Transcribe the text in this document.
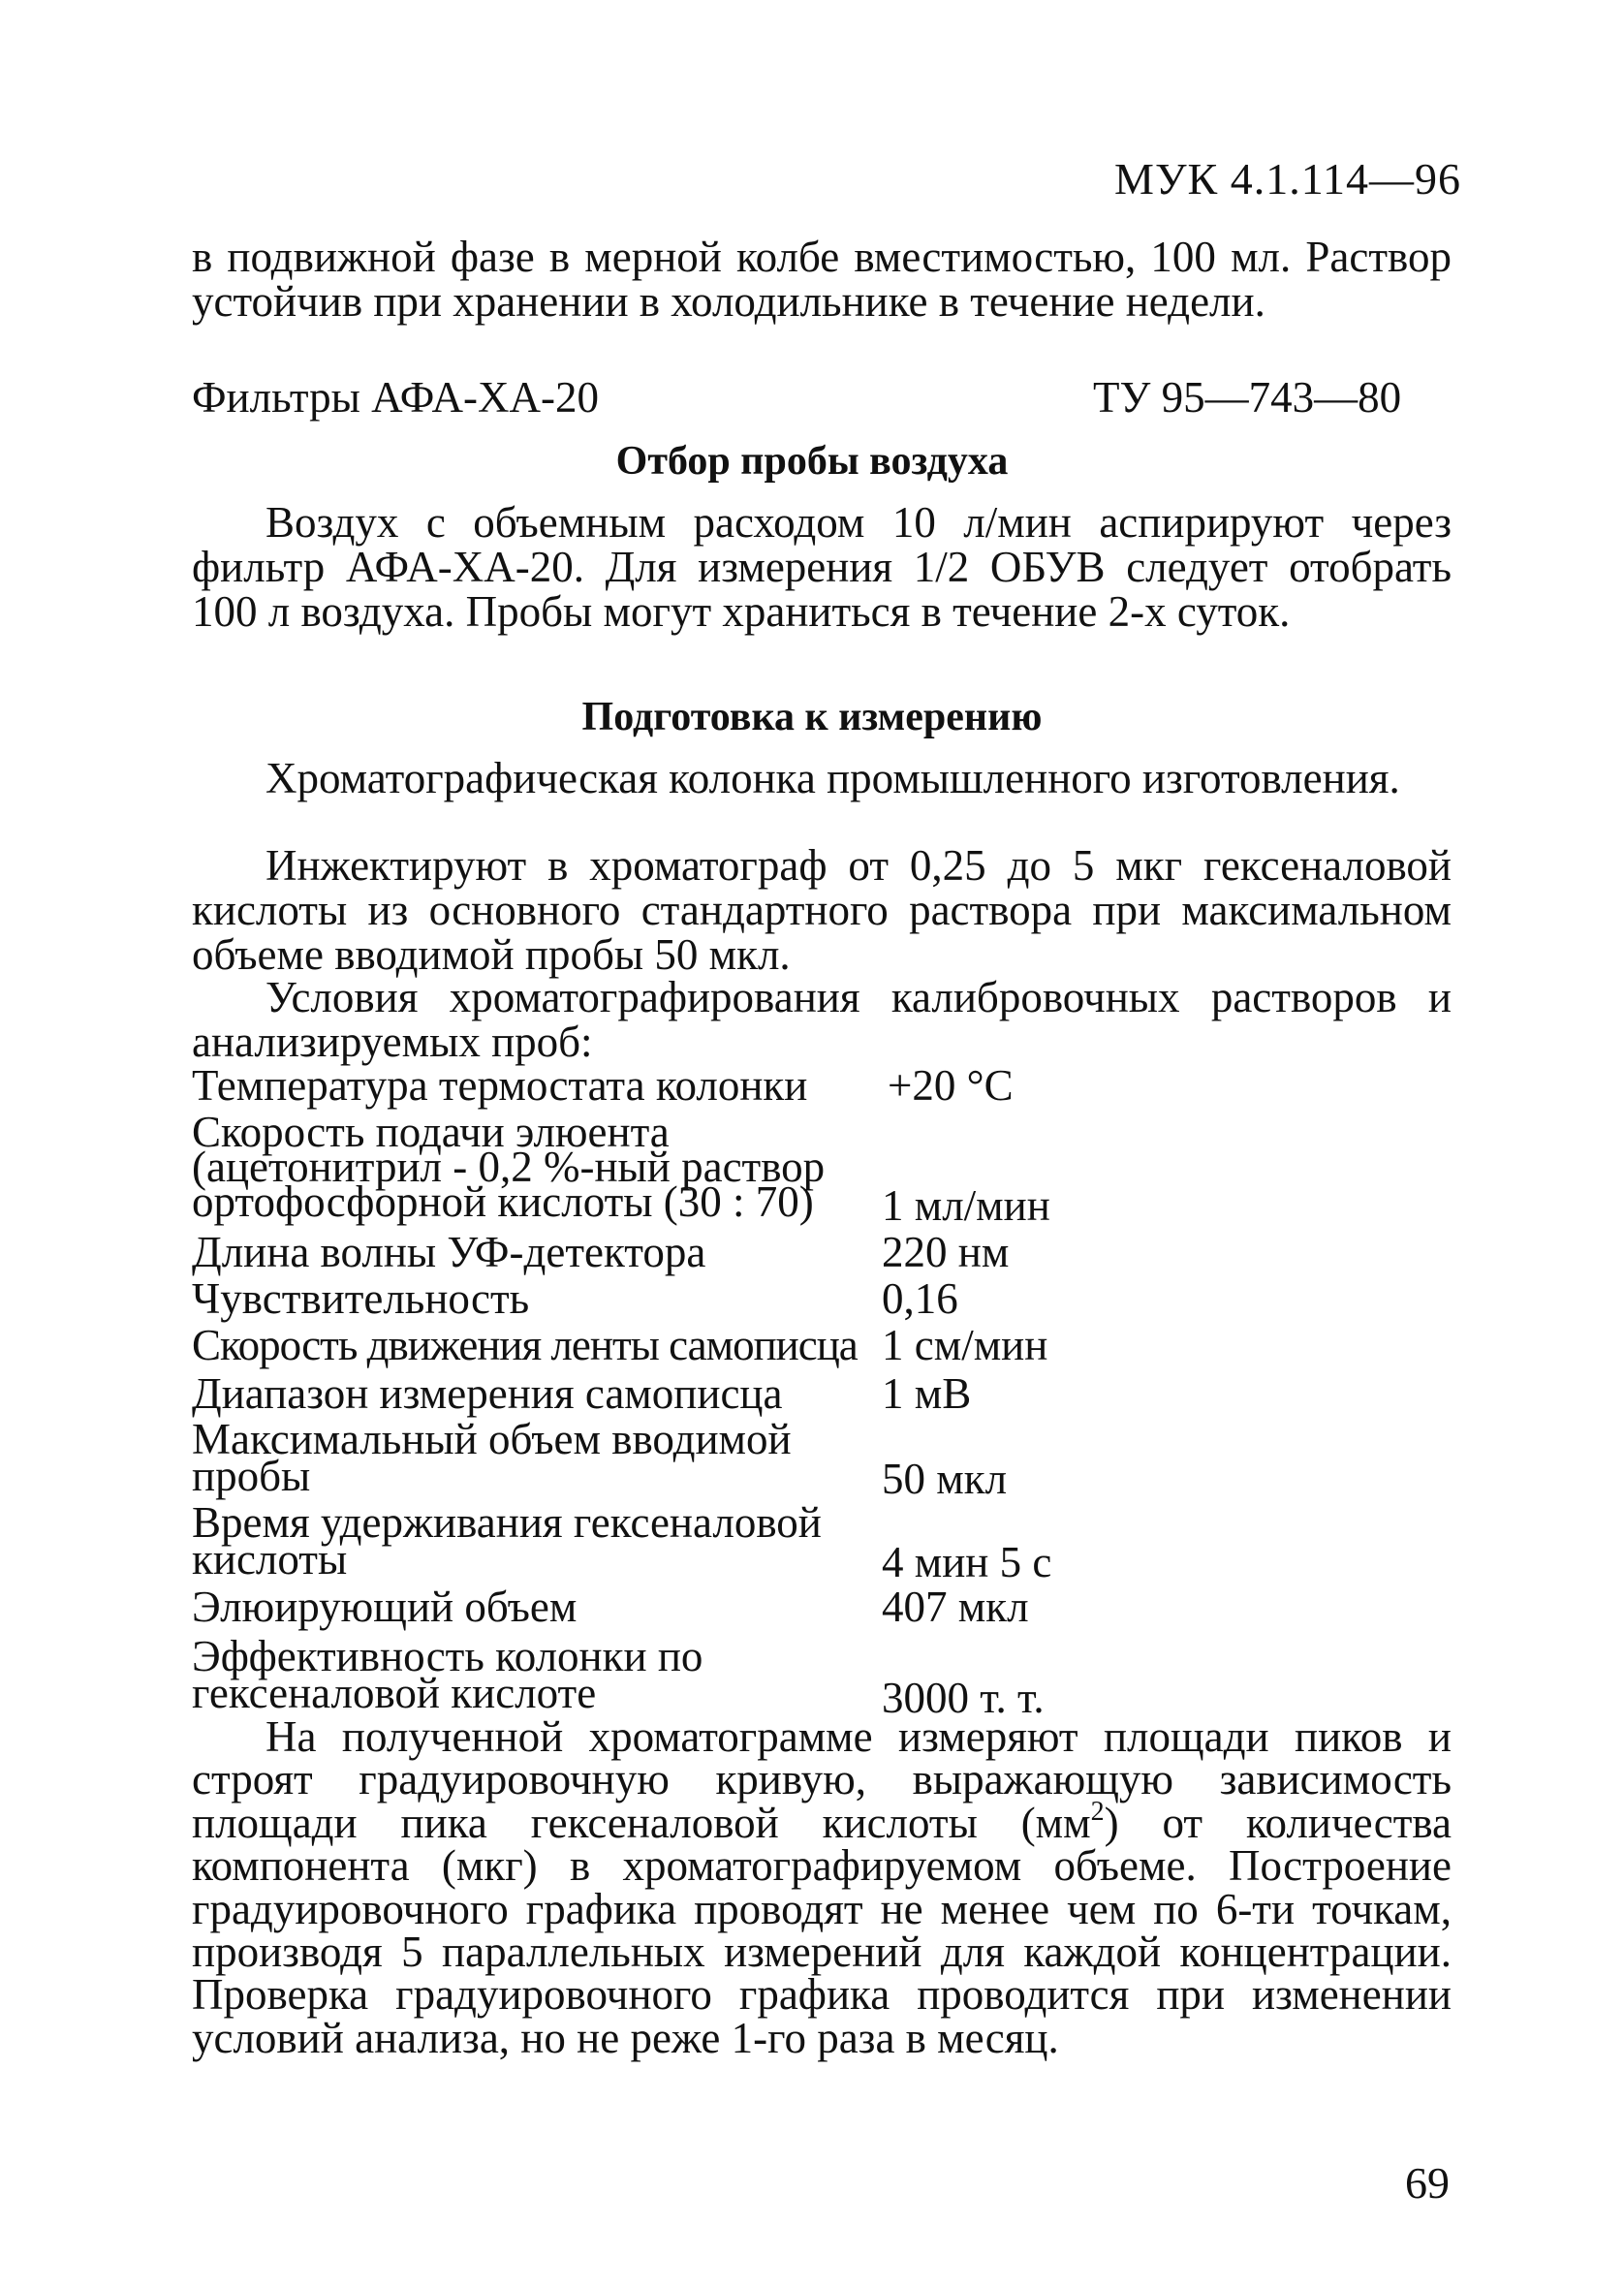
МУК 4.1.114—96
в подвижной фазе в мерной колбе вместимостью, 100 мл. Раствор устойчив при хранении в холодильнике в течение недели.
Фильтры АФА-ХА-20	ТУ 95—743—80
Отбор пробы воздуха
Воздух с объемным расходом 10 л/мин аспирируют через фильтр АФА-ХА-20. Для измерения 1/2 ОБУВ следует отобрать 100 л воздуха. Пробы могут храниться в течение 2-х суток.
Подготовка к измерению
Хроматографическая колонка промышленного изготовления.
Инжектируют в хроматограф от 0,25 до 5 мкг гексеналовой кислоты из основного стандартного раствора при максимальном объеме вводимой пробы 50 мкл.
Условия хроматографирования калибровочных растворов и анализируемых проб:
Температура термостата колонки	+20 °С
Скорость подачи элюента (ацетонитрил - 0,2 %-ный раствор ортофосфорной кислоты (30 : 70)	1 мл/мин
Длина волны УФ-детектора	220 нм
Чувствительность	0,16
Скорость движения ленты самописца 1 см/мин
Диапазон измерения самописца	1 мВ
Максимальный объем вводимой пробы	50 мкл
Время удерживания гексеналовой кислоты	4 мин 5 с
Элюирующий объем	407 мкл
Эффективность колонки по гексеналовой кислоте	3000 т. т.
На полученной хроматограмме измеряют площади пиков и строят градуировочную кривую, выражающую зависимость площади пика гексеналовой кислоты $(мм^2)$ от количества компонента (мкг) в хроматографируемом объеме. Построение градуировочного графика проводят не менее чем по 6-ти точкам, производя 5 параллельных измерений для каждой концентрации. Проверка градуировочного графика проводится при изменении условий анализа, но не реже 1-го раза в месяц.
69
